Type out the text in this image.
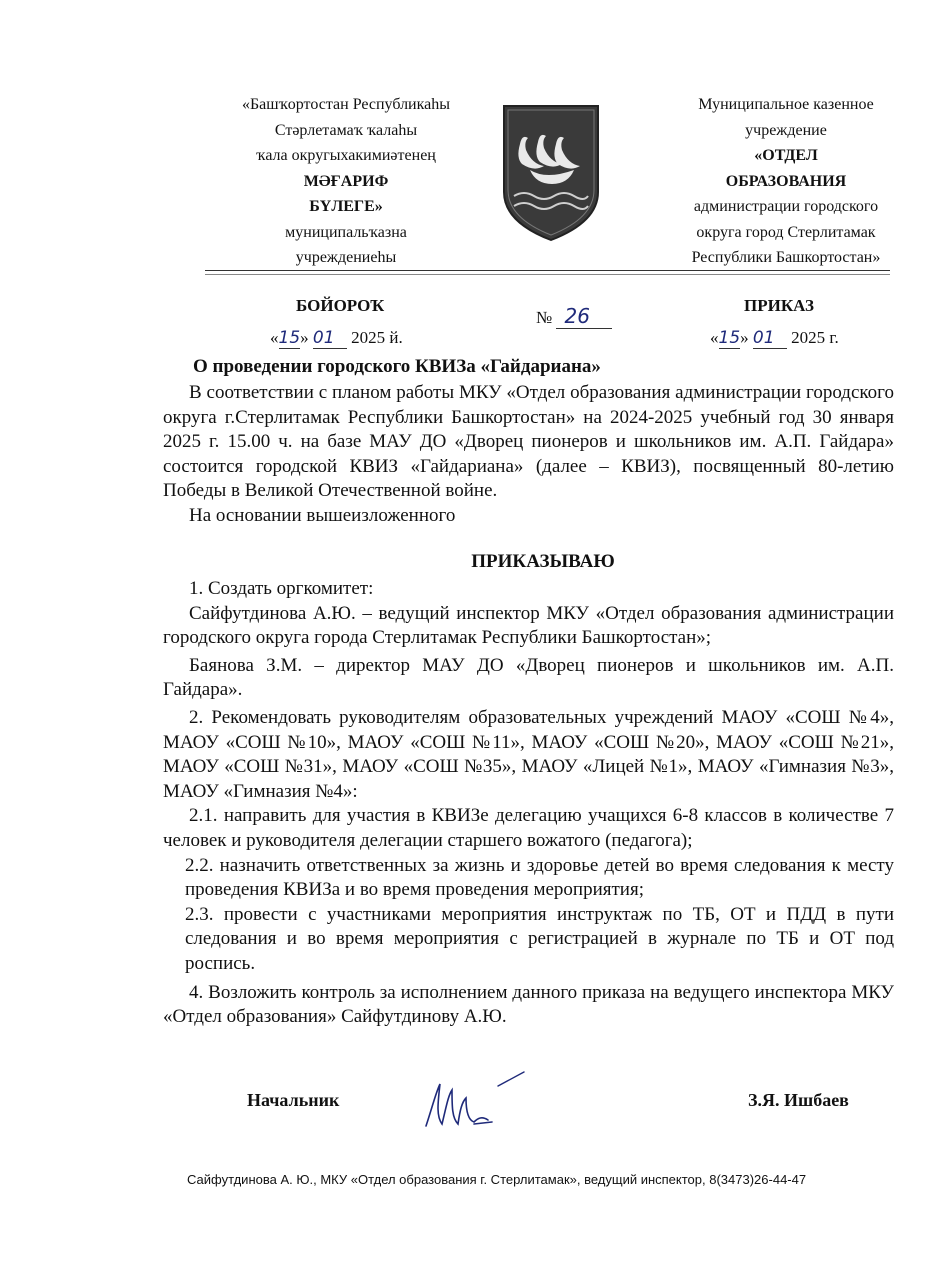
«Башҡортостан Республикаһы
Стәрлетамаҡ ҡалаһы
ҡала округыхакимиәтенең
МӘҒАРИФ
БҮЛЕГЕ»
муниципальҡазна
учреждениеһы
Муниципальное казенное
учреждение
«ОТДЕЛ
ОБРАЗОВАНИЯ
администрации городского
округа город Стерлитамак
Республики Башкортостан»
БОЙОРОҠ	ПРИКАЗ
№ 26
«15» 01 2025 й.	«15» 01 2025 г.
О проведении городского КВИЗа «Гайдариана»

В соответствии с планом работы МКУ «Отдел образования администрации городского округа г.Стерлитамак Республики Башкортостан» на 2024-2025 учебный год 30 января 2025 г. 15.00 ч. на базе МАУ ДО «Дворец пионеров и школьников им. А.П. Гайдара» состоится городской КВИЗ «Гайдариана» (далее – КВИЗ), посвященный 80-летию Победы в Великой Отечественной войне.

На основании вышеизложенного

ПРИКАЗЫВАЮ

1. Создать оргкомитет:

Сайфутдинова А.Ю. – ведущий инспектор МКУ «Отдел образования администрации городского округа города Стерлитамак Республики Башкортостан»;

Баянова З.М. – директор МАУ ДО «Дворец пионеров и школьников им. А.П. Гайдара».

2. Рекомендовать руководителям образовательных учреждений МАОУ «СОШ №4», МАОУ «СОШ №10», МАОУ «СОШ №11», МАОУ «СОШ №20», МАОУ «СОШ №21», МАОУ «СОШ №31», МАОУ «СОШ №35», МАОУ «Лицей №1», МАОУ «Гимназия №3», МАОУ «Гимназия №4»:

2.1. направить для участия в КВИЗе делегацию учащихся 6-8 классов в количестве 7 человек и руководителя делегации старшего вожатого (педагога);

2.2. назначить ответственных за жизнь и здоровье детей во время следования к месту проведения КВИЗа и во время проведения мероприятия;

2.3. провести с участниками мероприятия инструктаж по ТБ, ОТ и ПДД в пути следования и во время мероприятия с регистрацией в журнале по ТБ и ОТ под роспись.

4. Возложить контроль за исполнением данного приказа на ведущего инспектора МКУ «Отдел образования» Сайфутдинову А.Ю.

Начальник	З.Я. Ишбаев
Сайфутдинова А. Ю., МКУ «Отдел образования г. Стерлитамак», ведущий инспектор, 8(3473)26-44-47
